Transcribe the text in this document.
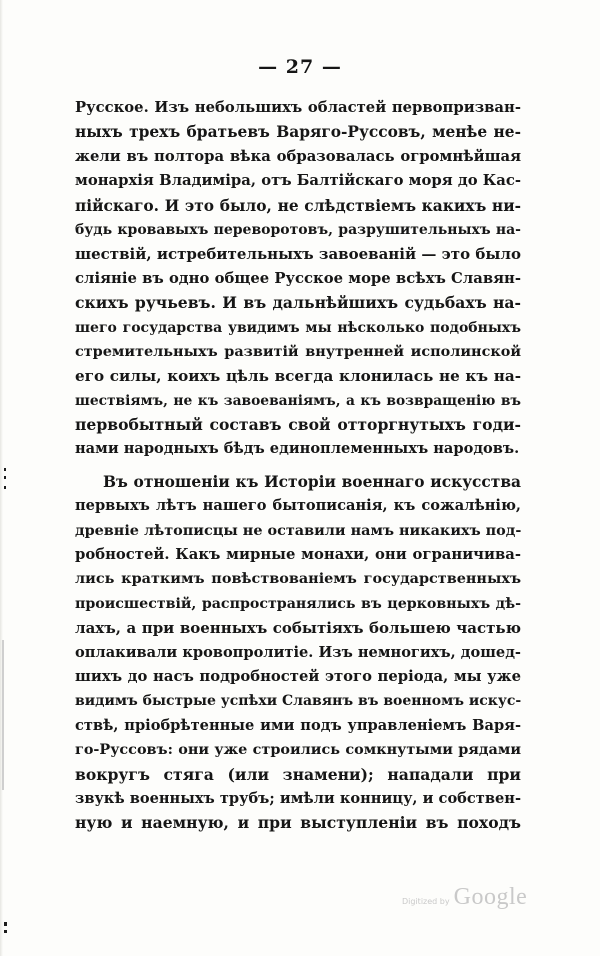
— 27 —
Русское. Изъ небольшихъ областей первопризван-
ныхъ трехъ братьевъ Варяго-Руссовъ, менѣе не-
жели въ полтора вѣка образовалась огромнѣйшая
монархія Владиміра, отъ Балтійскаго моря до Кас-
пійскаго. И это было, не слѣдствіемъ какихъ ни-
будь кровавыхъ переворотовъ, разрушительныхъ на-
шествій, истребительныхъ завоеваній — это было
сліяніе въ одно общее Русское море всѣхъ Славян-
скихъ ручьевъ. И въ дальнѣйшихъ судьбахъ на-
шего государства увидимъ мы нѣсколько подобныхъ
стремительныхъ развитій внутренней исполинской
его силы, коихъ цѣль всегда клонилась не къ на-
шествіямъ, не къ завоеваніямъ, а къ возвращенію въ
первобытный составъ свой отторгнутыхъ годи-
нами народныхъ бѣдъ единоплеменныхъ народовъ.
Въ отношеніи къ Исторіи военнаго искусства
первыхъ лѣтъ нашего бытописанія, къ сожалѣнію,
древніе лѣтописцы не оставили намъ никакихъ под-
робностей. Какъ мирные монахи, они ограничива-
лись краткимъ повѣствованіемъ государственныхъ
происшествій, распространялись въ церковныхъ дѣ-
лахъ, а при военныхъ событіяхъ большею частью
оплакивали кровопролитіе. Изъ немногихъ, дошед-
шихъ до насъ подробностей этого періода, мы уже
видимъ быстрые успѣхи Славянъ въ военномъ искус-
ствѣ, пріобрѣтенные ими подъ управленіемъ Варя-
го-Руссовъ: они уже строились сомкнутыми рядами
вокругъ стяга (или знамени); нападали при
звукѣ военныхъ трубъ; имѣли конницу, и собствен-
ную и наемную, и при выступленіи въ походъ
Digitized by Google
